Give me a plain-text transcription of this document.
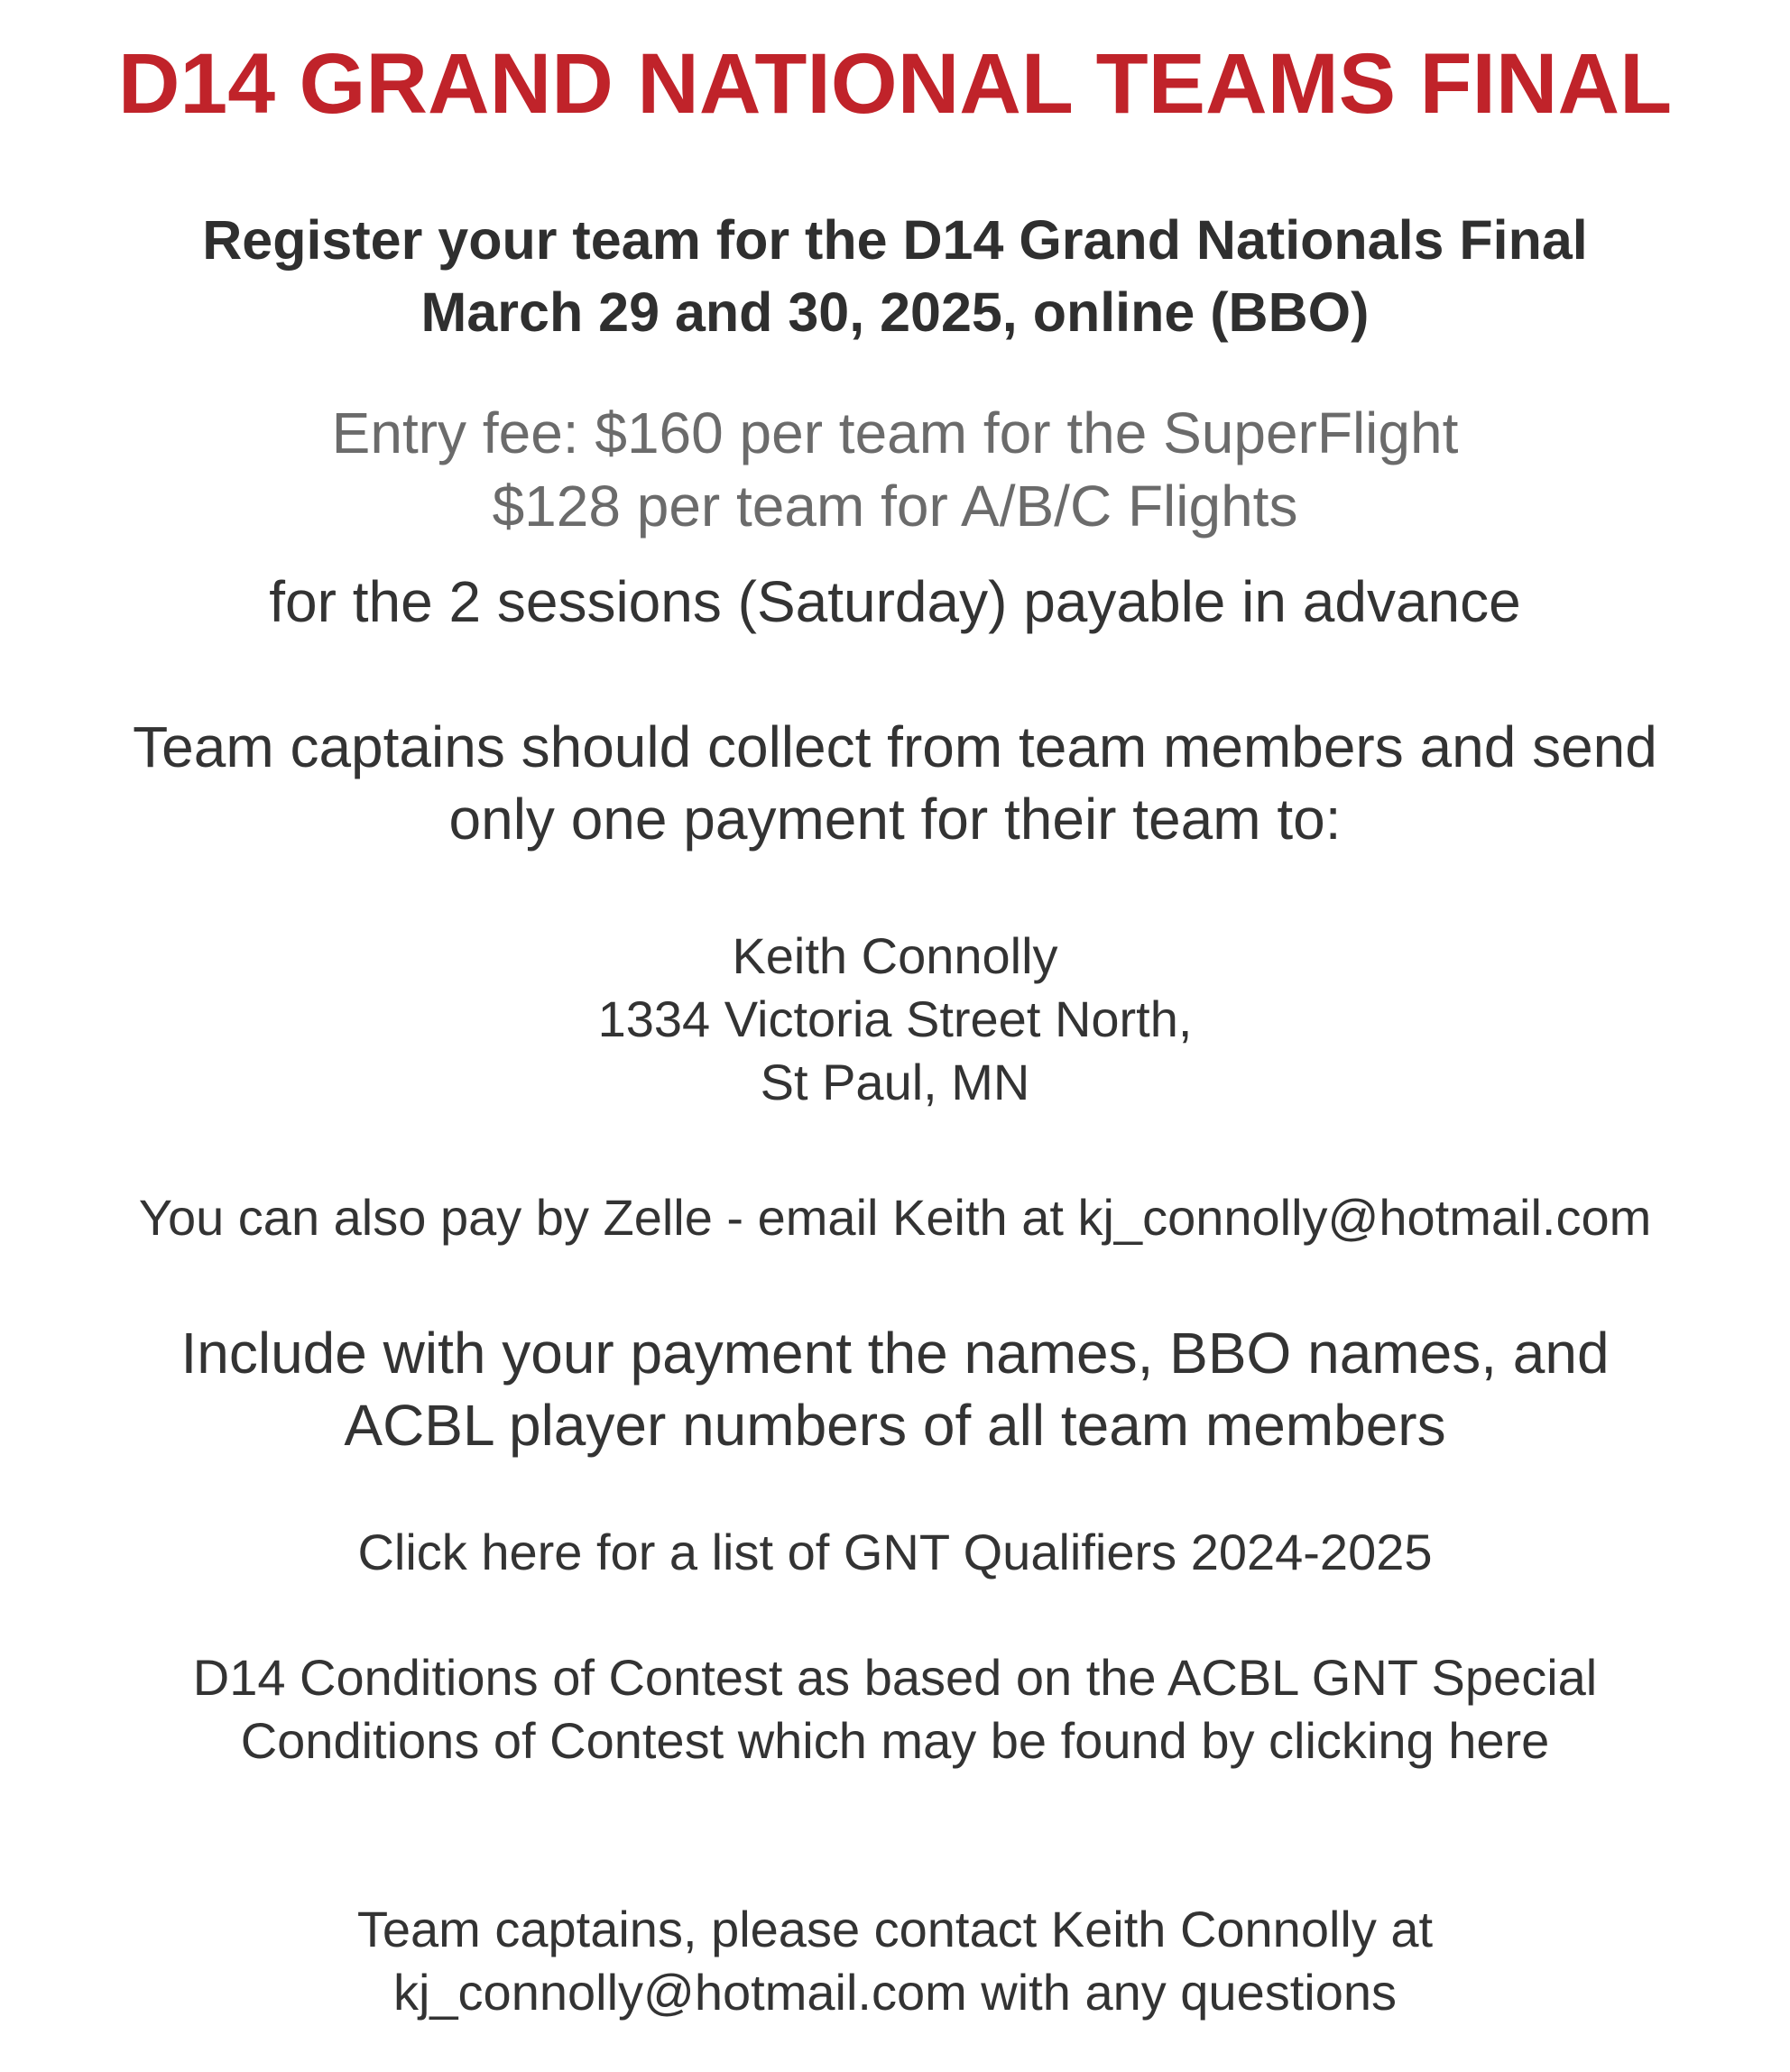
D14 GRAND NATIONAL TEAMS FINAL
Register your team for the D14 Grand Nationals Final
March 29 and 30, 2025, online (BBO)
Entry fee: $160 per team for the SuperFlight
$128 per team for A/B/C Flights
for the 2 sessions (Saturday) payable in advance
Team captains should collect from team members and send
only one payment for their team to:
Keith Connolly
1334 Victoria Street North,
St Paul, MN
You can also pay by Zelle - email Keith at kj_connolly@hotmail.com
Include with your payment the names, BBO names, and
ACBL player numbers of all team members
Click here for a list of GNT Qualifiers 2024-2025
D14 Conditions of Contest as based on the ACBL GNT Special
Conditions of Contest which may be found by clicking here
Team captains, please contact Keith Connolly at
kj_connolly@hotmail.com with any questions
